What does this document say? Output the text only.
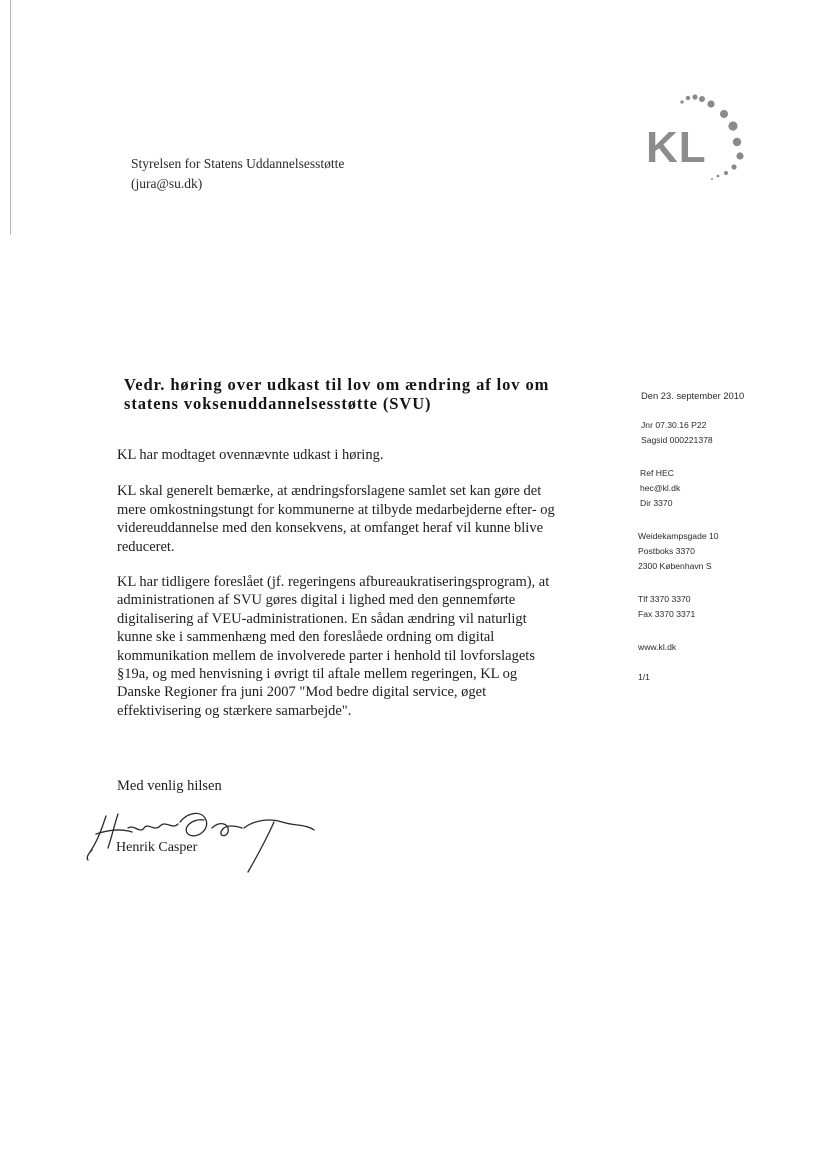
KL
Styrelsen for Statens Uddannelsesstøtte
(jura@su.dk)
Vedr. høring over udkast til lov om ændring af lov om
statens voksenuddannelsesstøtte (SVU)

KL har modtaget ovennævnte udkast i høring.

KL skal generelt bemærke, at ændringsforslagene samlet set kan gøre det
mere omkostningstungt for kommunerne at tilbyde medarbejderne efter- og
videreuddannelse med den konsekvens, at omfanget heraf vil kunne blive
reduceret.

KL har tidligere foreslået (jf. regeringens afbureaukratiseringsprogram), at
administrationen af SVU gøres digital i lighed med den gennemførte
digitalisering af VEU-administrationen. En sådan ændring vil naturligt
kunne ske i sammenhæng med den foreslåede ordning om digital
kommunikation mellem de involverede parter i henhold til lovforslagets
§19a, og med henvisning i øvrigt til aftale mellem regeringen, KL og
Danske Regioner fra juni 2007 "Mod bedre digital service, øget
effektivisering og stærkere samarbejde".

Med venlig hilsen
Henrik Casper
Den 23. september 2010
Jnr 07.30.16 P22
Sagsid 000221378
Ref HEC
hec@kl.dk
Dir 3370
Weidekampsgade 10
Postboks 3370
2300 København S
Tlf 3370 3370
Fax 3370 3371
www.kl.dk
1/1
